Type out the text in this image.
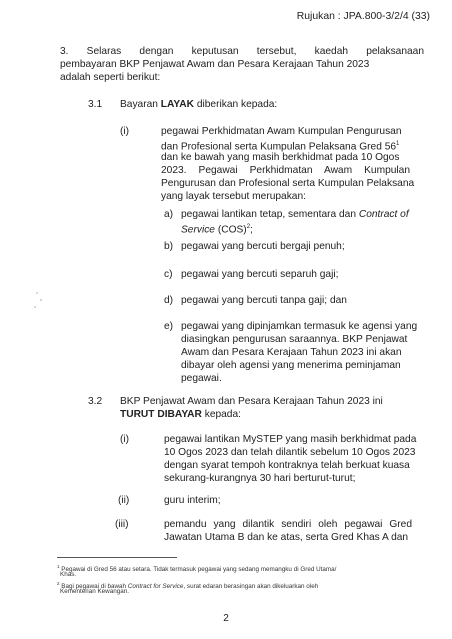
Rujukan : JPA.800-3/2/4 (33)
3. Selaras dengan keputusan tersebut, kaedah pelaksanaan
pembayaran BKP Penjawat Awam dan Pesara Kerajaan Tahun 2023
adalah seperti berikut:
3.1 Bayaran LAYAK diberikan kepada:
(i)	pegawai Perkhidmatan Awam Kumpulan Pengurusan
dan Profesional serta Kumpulan Pelaksana Gred $56^1$
dan ke bawah yang masih berkhidmat pada 10 Ogos
2023. Pegawai Perkhidmatan Awam Kumpulan
Pengurusan dan Profesional serta Kumpulan Pelaksana
yang layak tersebut merupakan:
a) pegawai lantikan tetap, sementara dan Contract of
Service (COS)$^2$;
b) pegawai yang bercuti bergaji penuh;
c) pegawai yang bercuti separuh gaji;
d) pegawai yang bercuti tanpa gaji; dan
e) pegawai yang dipinjamkan termasuk ke agensi yang
diasingkan pengurusan saraannya. BKP Penjawat
Awam dan Pesara Kerajaan Tahun 2023 ini akan
dibayar oleh agensi yang menerima peminjaman
pegawai.
3.2 BKP Penjawat Awam dan Pesara Kerajaan Tahun 2023 ini
TURUT DIBAYAR kepada:
(i)	pegawai lantikan MySTEP yang masih berkhidmat pada
10 Ogos 2023 dan telah dilantik sebelum 10 Ogos 2023
dengan syarat tempoh kontraknya telah berkuat kuasa
sekurang-kurangnya 30 hari berturut-turut;
(ii)	guru interim;
(iii)	pemandu yang dilantik sendiri oleh pegawai Gred
Jawatan Utama B dan ke atas, serta Gred Khas A dan
$^1$ Pegawai di Gred 56 atau setara. Tidak termasuk pegawai yang sedang memangku di Gred Utama/
Khas.
$^2$ Bagi pegawai di bawah Contract for Service, surat edaran berasingan akan dikeluarkan oleh
Kementerian Kewangan.
2
